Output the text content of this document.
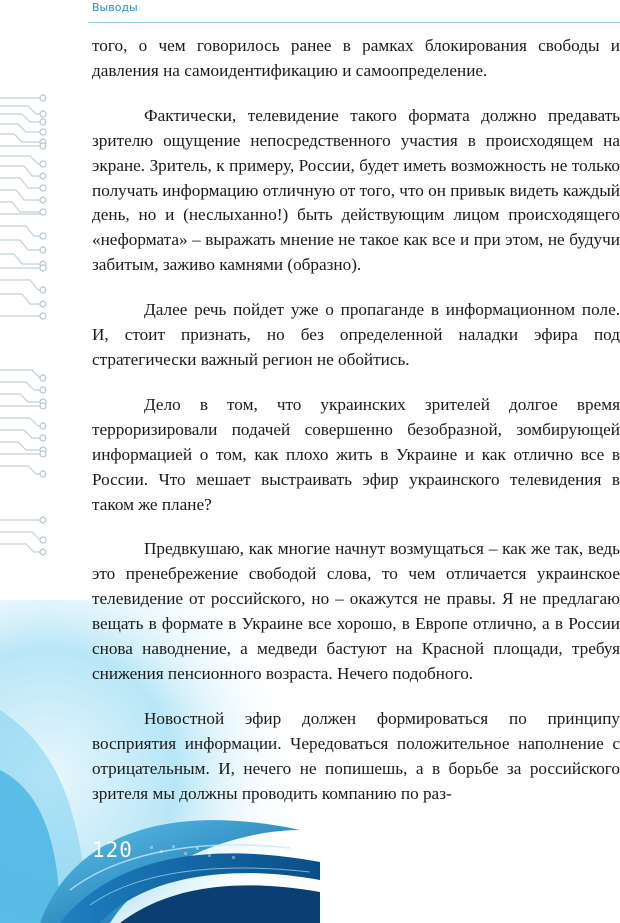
Выводы

того, о чем говорилось ранее в рамках блокирования свободы и давления на самоидентификацию и самоопределение.

Фактически, телевидение такого формата должно предавать зрителю ощущение непосредственного участия в происходящем на экране. Зритель, к примеру, России, будет иметь возможность не только получать информацию отличную от того, что он привык видеть каждый день, но и (неслыханно!) быть действующим лицом происходящего «неформата» – выражать мнение не такое как все и при этом, не будучи забитым, заживо камнями (образно).

Далее речь пойдет уже о пропаганде в информационном поле. И, стоит признать, но без определенной наладки эфира под стратегически важный регион не обойтись.

Дело в том, что украинских зрителей долгое время терроризировали подачей совершенно безобразной, зомбирующей информацией о том, как плохо жить в Украине и как отлично все в России. Что мешает выстраивать эфир украинского телевидения в таком же плане?

Предвкушаю, как многие начнут возмущаться – как же так, ведь это пренебрежение свободой слова, то чем отличается украинское телевидение от российского, но – окажутся не правы. Я не предлагаю вещать в формате в Украине все хорошо, в Европе отлично, а в России снова наводнение, а медведи бастуют на Красной площади, требуя снижения пенсионного возраста. Нечего подобного.

Новостной эфир должен формироваться по принципу восприятия информации. Чередоваться положительное наполнение с отрицательным. И, нечего не попишешь, а в борьбе за российского зрителя мы должны проводить компанию по раз-

120
